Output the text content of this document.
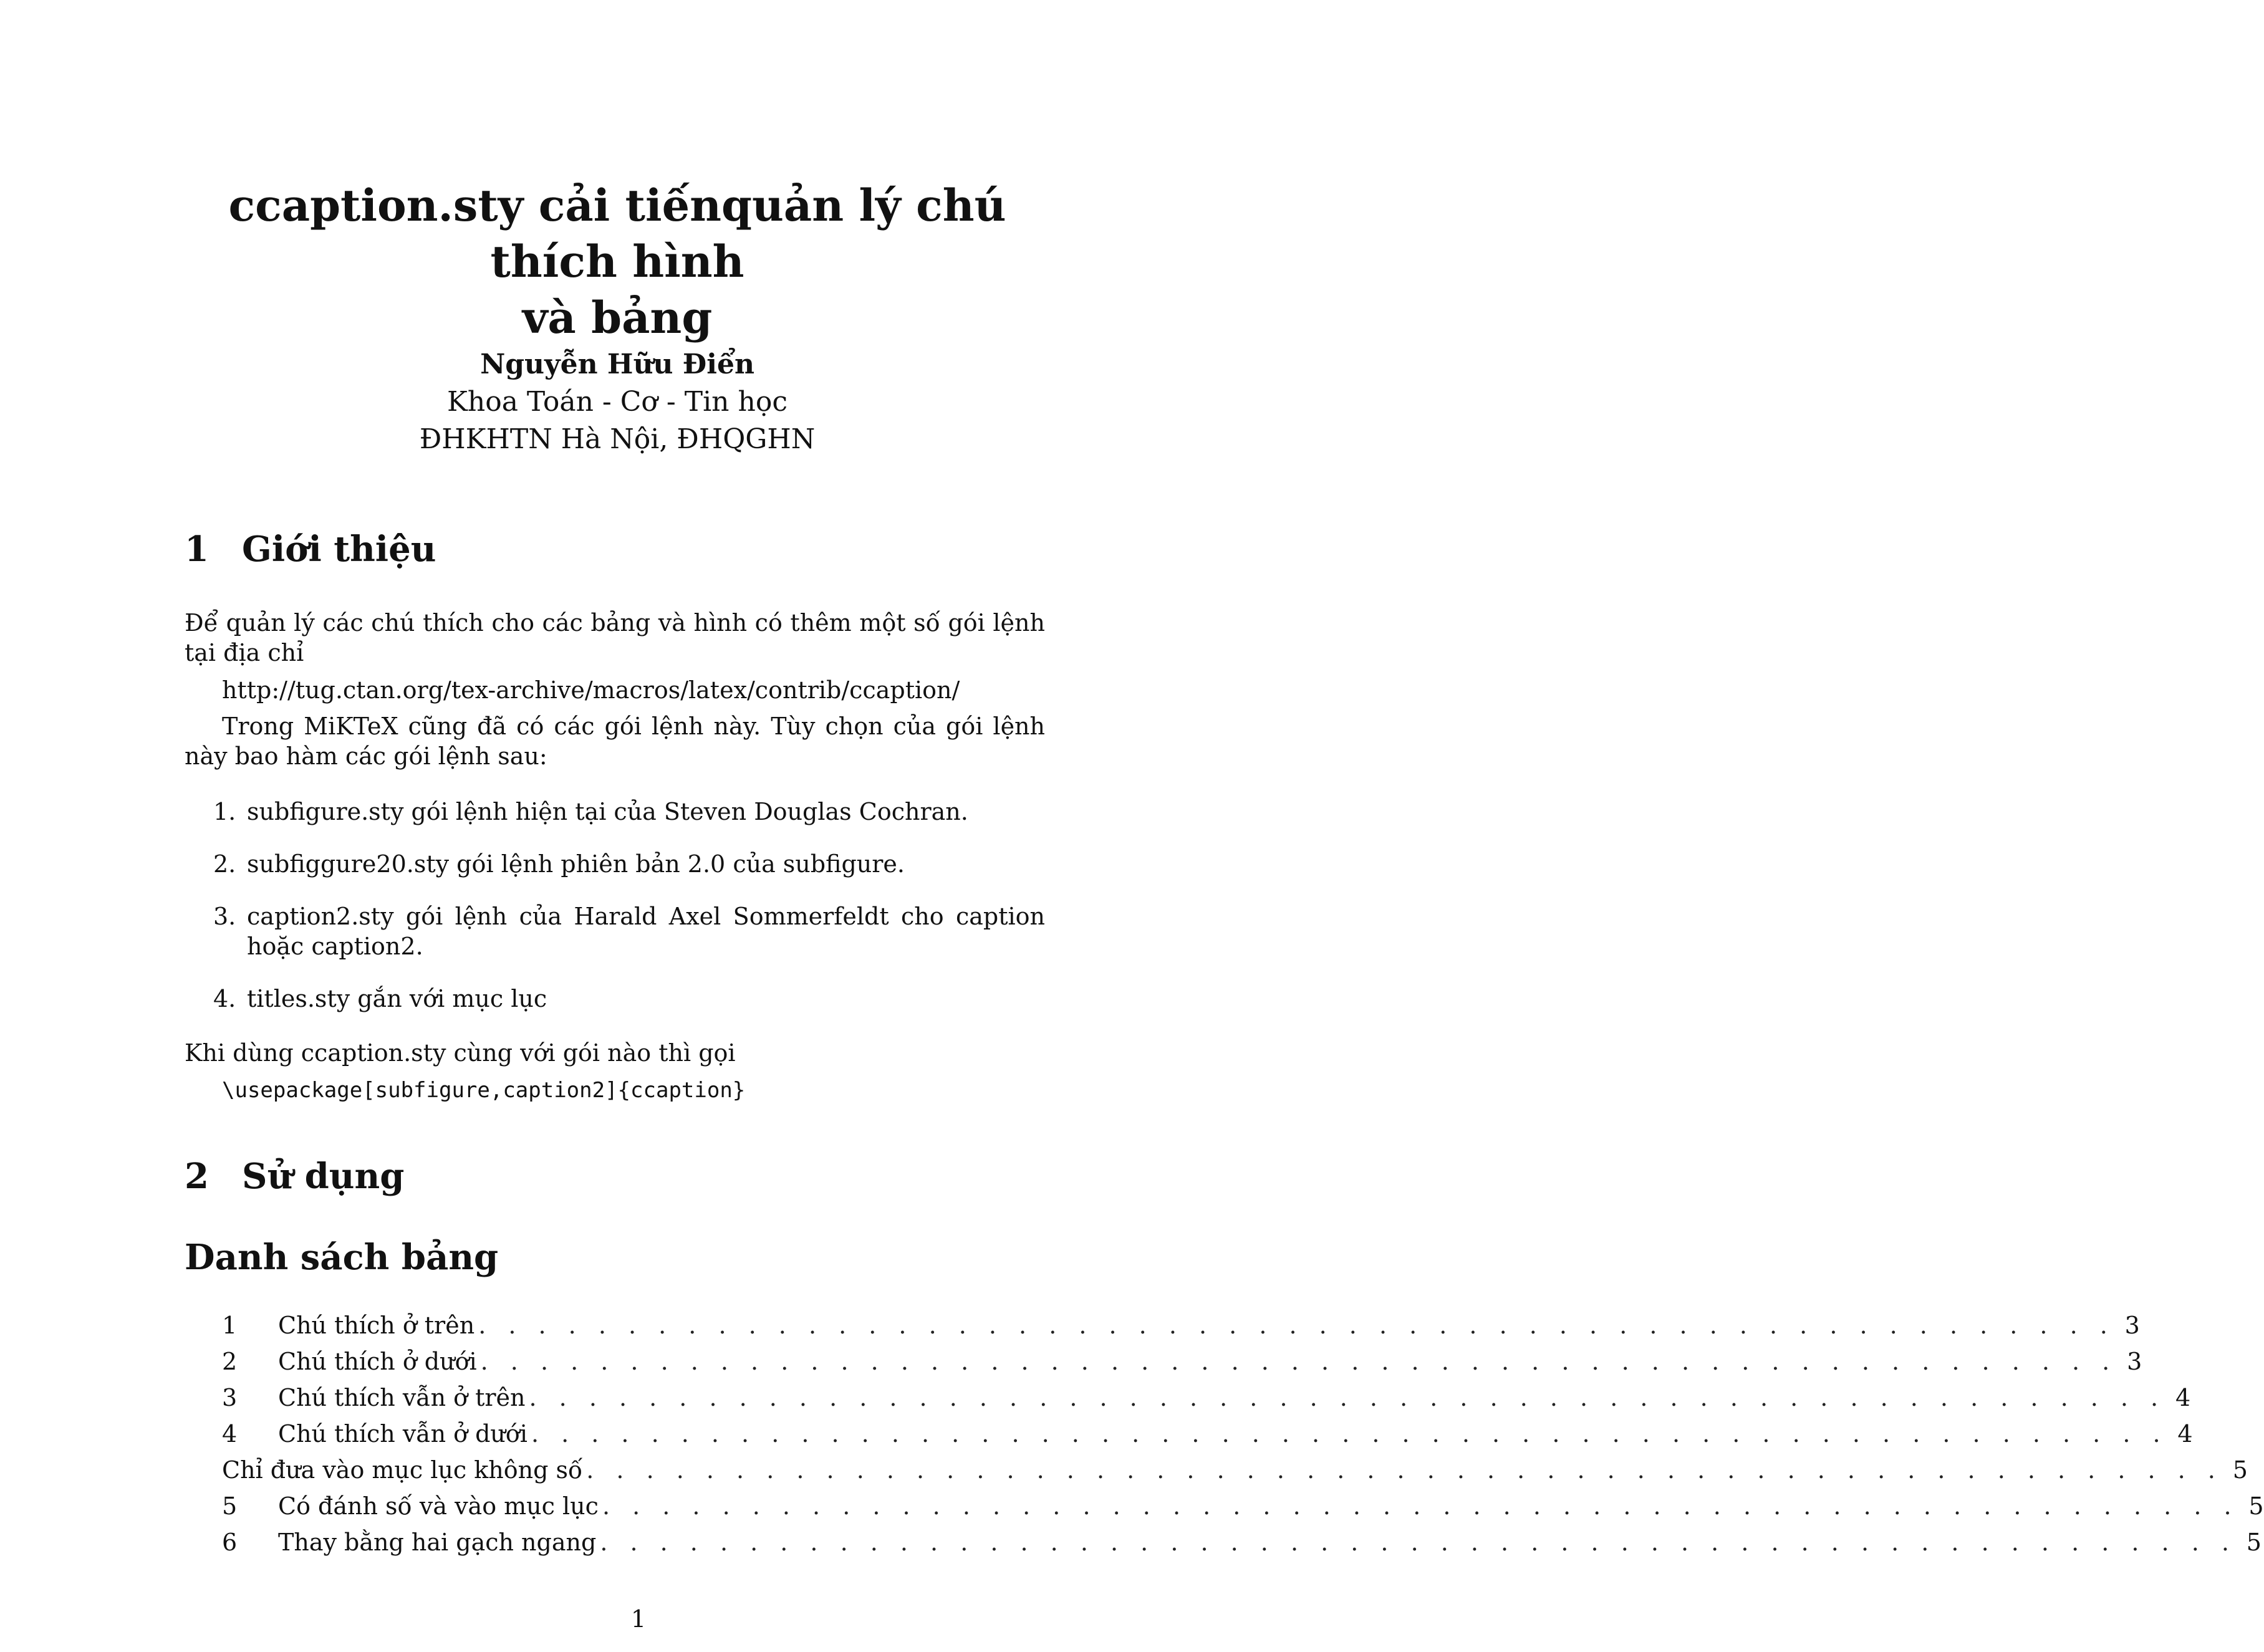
ccaption.sty cải tiếnquản lý chú thích hình
và bảng
Nguyễn Hữu Điển
Khoa Toán - Cơ - Tin học
ĐHKHTN Hà Nội, ĐHQGHN
1 Giới thiệu
Để quản lý các chú thích cho các bảng và hình có thêm một số gói lệnh tại địa chỉ
http://tug.ctan.org/tex-archive/macros/latex/contrib/ccaption/
Trong MiKTeX cũng đã có các gói lệnh này. Tùy chọn của gói lệnh này bao hàm các gói lệnh sau:
1. subfigure.sty gói lệnh hiện tại của Steven Douglas Cochran.
2. subfiggure20.sty gói lệnh phiên bản 2.0 của subfigure.
3. caption2.sty gói lệnh của Harald Axel Sommerfeldt cho caption hoặc caption2.
4. titles.sty gắn với mục lục
Khi dùng ccaption.sty cùng với gói nào thì gọi
\usepackage[subfigure,caption2]{ccaption}
2 Sử dụng
Danh sách bảng
1	Chú thích ở trên . . . . . . . . . . . . . . . . . . . . . . . . . . . . . . . . . . . . . . . . . . . . . . . . . . . . . . . 3
2	Chú thích ở dưới . . . . . . . . . . . . . . . . . . . . . . . . . . . . . . . . . . . . . . . . . . . . . . . . . . . . . . . 3
3	Chú thích vẫn ở trên . . . . . . . . . . . . . . . . . . . . . . . . . . . . . . . . . . . . . . . . . . . . . . . . . . . . . . . 4
4	Chú thích vẫn ở dưới . . . . . . . . . . . . . . . . . . . . . . . . . . . . . . . . . . . . . . . . . . . . . . . . . . . . . . . 4
Chỉ đưa vào mục lục không số . . . . . . . . . . . . . . . . . . . . . . . . . . . . . . . . . . . . . . . . . . . . . . . . . . . . . . . 5
5	Có đánh số và vào mục lục . . . . . . . . . . . . . . . . . . . . . . . . . . . . . . . . . . . . . . . . . . . . . . . . . . . . . . . 5
6	Thay bằng hai gạch ngang . . . . . . . . . . . . . . . . . . . . . . . . . . . . . . . . . . . . . . . . . . . . . . . . . . . . . . . 5
1
